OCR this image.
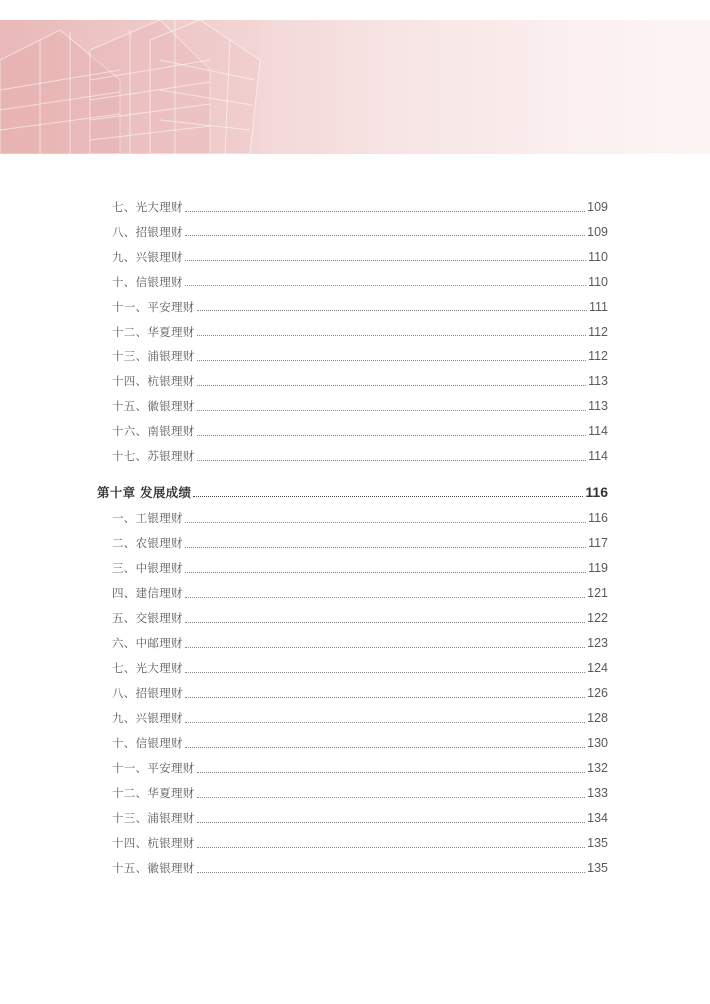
七、光大理财	109
八、招银理财	109
九、兴银理财	110
十、信银理财	110
十一、平安理财	111
十二、华夏理财	112
十三、浦银理财	112
十四、杭银理财	113
十五、徽银理财	113
十六、南银理财	114
十七、苏银理财	114
第十章 发展成绩	116
一、工银理财	116
二、农银理财	117
三、中银理财	119
四、建信理财	121
五、交银理财	122
六、中邮理财	123
七、光大理财	124
八、招银理财	126
九、兴银理财	128
十、信银理财	130
十一、平安理财	132
十二、华夏理财	133
十三、浦银理财	134
十四、杭银理财	135
十五、徽银理财	135
